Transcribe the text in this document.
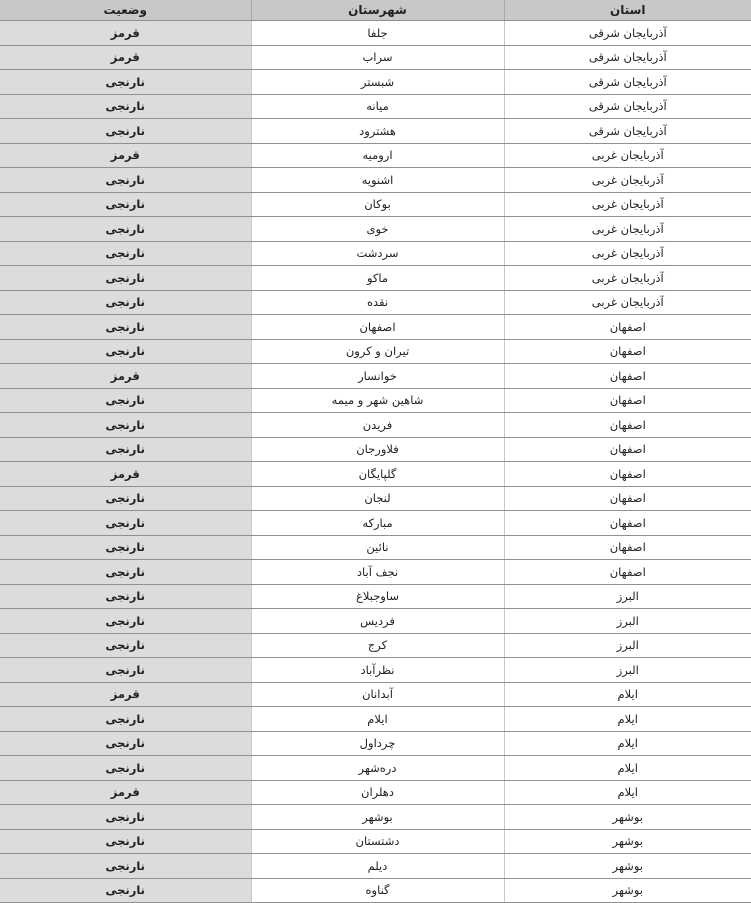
استان	شهرستان	وضعیت
آذربایجان شرقی	جلفا	قرمز
آذربایجان شرقی	سراب	قرمز
آذربایجان شرقی	شبستر	نارنجی
آذربایجان شرقی	میانه	نارنجی
آذربایجان شرقی	هشترود	نارنجی
آذربایجان غربی	ارومیه	قرمز
آذربایجان غربی	اشنویه	نارنجی
آذربایجان غربی	بوکان	نارنجی
آذربایجان غربی	خوی	نارنجی
آذربایجان غربی	سردشت	نارنجی
آذربایجان غربی	ماکو	نارنجی
آذربایجان غربی	نقده	نارنجی
اصفهان	اصفهان	نارنجی
اصفهان	تیران و کرون	نارنجی
اصفهان	خوانسار	قرمز
اصفهان	شاهین شهر و میمه	نارنجی
اصفهان	فریدن	نارنجی
اصفهان	فلاورجان	نارنجی
اصفهان	گلپایگان	قرمز
اصفهان	لنجان	نارنجی
اصفهان	مبارکه	نارنجی
اصفهان	نائین	نارنجی
اصفهان	نجف آباد	نارنجی
البرز	ساوجبلاغ	نارنجی
البرز	فردیس	نارنجی
البرز	کرج	نارنجی
البرز	نظرآباد	نارنجی
ایلام	آبدانان	قرمز
ایلام	ایلام	نارنجی
ایلام	چرداول	نارنجی
ایلام	دره‌شهر	نارنجی
ایلام	دهلران	قرمز
بوشهر	بوشهر	نارنجی
بوشهر	دشتستان	نارنجی
بوشهر	دیلم	نارنجی
بوشهر	گناوه	نارنجی
